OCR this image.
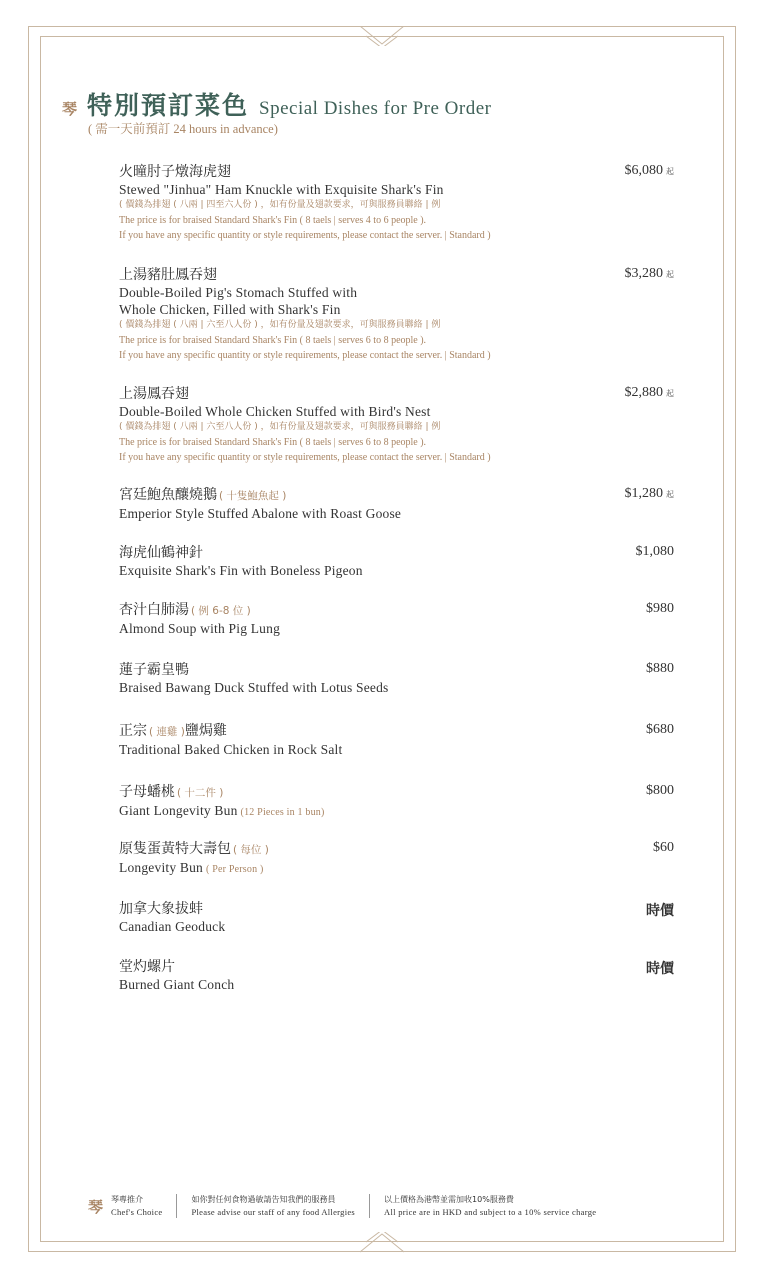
琴 特別預訂菜色 Special Dishes for Pre Order
( 需一天前預訂 24 hours in advance)
火曈肘子燉海虎翅
Stewed "Jinhua" Ham Knuckle with Exquisite Shark's Fin
( 價錢為排翅 ( 八兩 | 四至六人份 ) ，如有份量及翅款要求，可與服務員聯絡 | 例
The price is for braised Standard Shark's Fin ( 8 taels | serves 4 to 6 people ).
If you have any specific quantity or style requirements, please contact the server. | Standard )
$6,080 起
上湯豬肚鳳吞翅
Double-Boiled Pig's Stomach Stuffed with
Whole Chicken, Filled with Shark's Fin
( 價錢為排翅 ( 八兩 | 六至八人份 ) ，如有份量及翅款要求，可與服務員聯絡 | 例
The price is for braised Standard Shark's Fin ( 8 taels | serves 6 to 8 people ).
If you have any specific quantity or style requirements, please contact the server. | Standard )
$3,280 起
上湯鳳吞翅
Double-Boiled Whole Chicken Stuffed with Bird's Nest
( 價錢為排翅 ( 八兩 | 六至八人份 ) ，如有份量及翅款要求，可與服務員聯絡 | 例
The price is for braised Standard Shark's Fin ( 8 taels | serves 6 to 8 people ).
If you have any specific quantity or style requirements, please contact the server. | Standard )
$2,880 起
宮廷鮑魚釀燒鵝 ( 十隻鮑魚起 )
Emperior Style Stuffed Abalone with Roast Goose
$1,280 起
海虎仙鶴神針
Exquisite Shark's Fin with Boneless Pigeon
$1,080
杏汁白肺湯 ( 例 6-8 位 )
Almond Soup with Pig Lung
$980
蓮子霸皇鴨
Braised Bawang Duck Stuffed with Lotus Seeds
$880
正宗 ( 連雞 )鹽焗雞
Traditional Baked Chicken in Rock Salt
$680
子母蟠桃 ( 十二件 )
Giant Longevity Bun (12 Pieces in 1 bun)
$800
原隻蛋黃特大壽包 ( 每位 )
Longevity Bun ( Per Person )
$60
加拿大象拔蚌
Canadian Geoduck
時價
堂灼螺片
Burned Giant Conch
時價
琴 琴專推介
Chef's Choice
如你對任何食物過敏請告知我們的服務員
Please advise our staff of any food Allergies
以上價格為港幣並需加收10%服務費
All price are in HKD and subject to a 10% service charge
